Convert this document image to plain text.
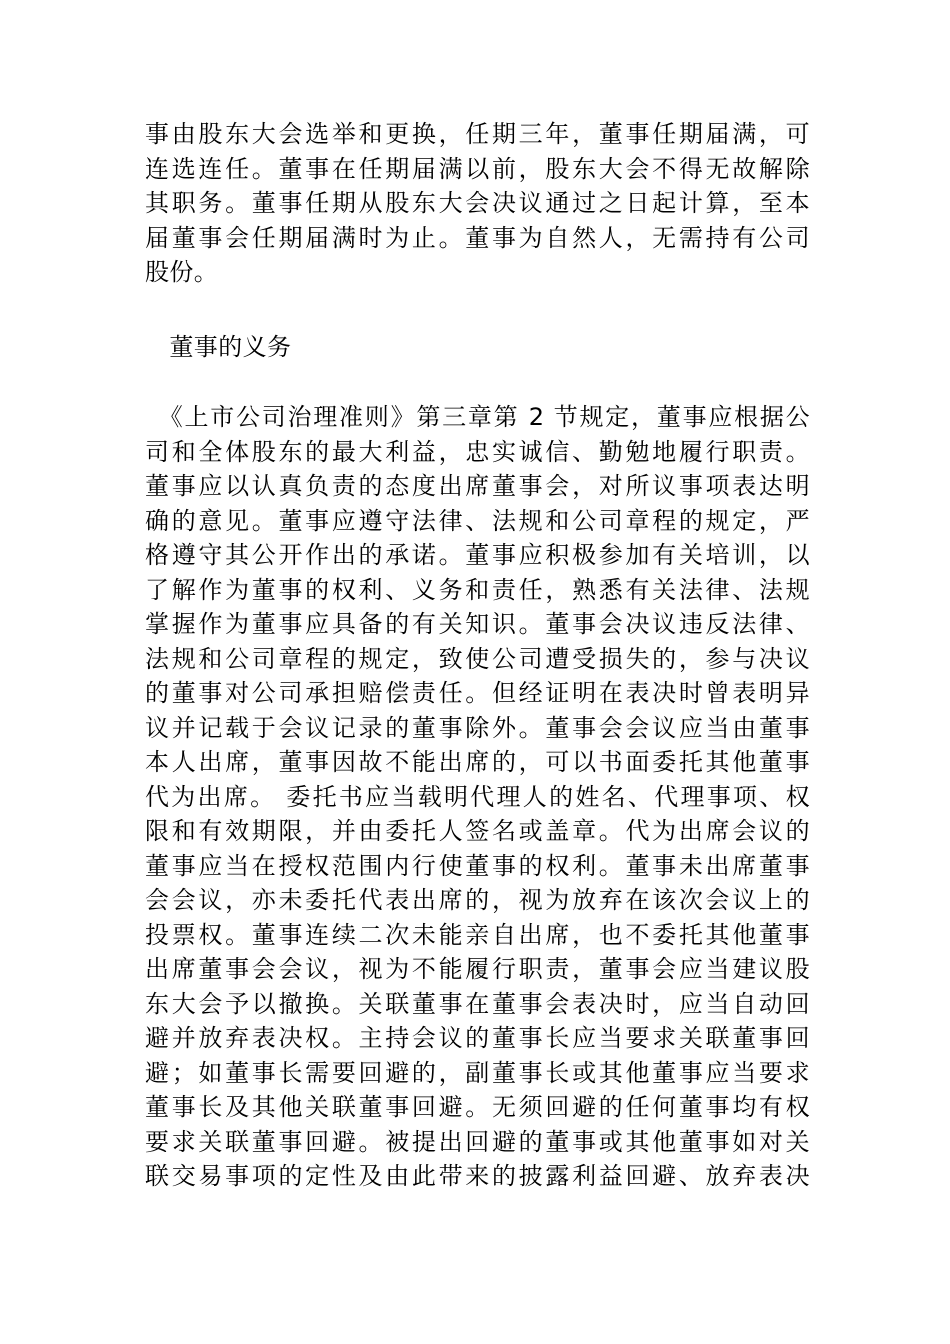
事由股东大会选举和更换，任期三年，董事任期届满，可
连选连任。董事在任期届满以前，股东大会不得无故解除
其职务。董事任期从股东大会决议通过之日起计算，至本
届董事会任期届满时为止。董事为自然人，无需持有公司
股份。
　董事的义务
　《上市公司治理准则》第三章第 2 节规定，董事应根据公
司和全体股东的最大利益，忠实诚信、勤勉地履行职责。
董事应以认真负责的态度出席董事会，对所议事项表达明
确的意见。董事应遵守法律、法规和公司章程的规定，严
格遵守其公开作出的承诺。董事应积极参加有关培训，以
了解作为董事的权利、义务和责任，熟悉有关法律、法规
掌握作为董事应具备的有关知识。董事会决议违反法律、
法规和公司章程的规定，致使公司遭受损失的，参与决议
的董事对公司承担赔偿责任。但经证明在表决时曾表明异
议并记载于会议记录的董事除外。董事会会议应当由董事
本人出席，董事因故不能出席的，可以书面委托其他董事
代为出席。 委托书应当载明代理人的姓名、代理事项、权
限和有效期限，并由委托人签名或盖章。代为出席会议的
董事应当在授权范围内行使董事的权利。董事未出席董事
会会议，亦未委托代表出席的，视为放弃在该次会议上的
投票权。董事连续二次未能亲自出席，也不委托其他董事
出席董事会会议，视为不能履行职责，董事会应当建议股
东大会予以撤换。关联董事在董事会表决时，应当自动回
避并放弃表决权。主持会议的董事长应当要求关联董事回
避；如董事长需要回避的，副董事长或其他董事应当要求
董事长及其他关联董事回避。无须回避的任何董事均有权
要求关联董事回避。被提出回避的董事或其他董事如对关
联交易事项的定性及由此带来的披露利益回避、放弃表决
